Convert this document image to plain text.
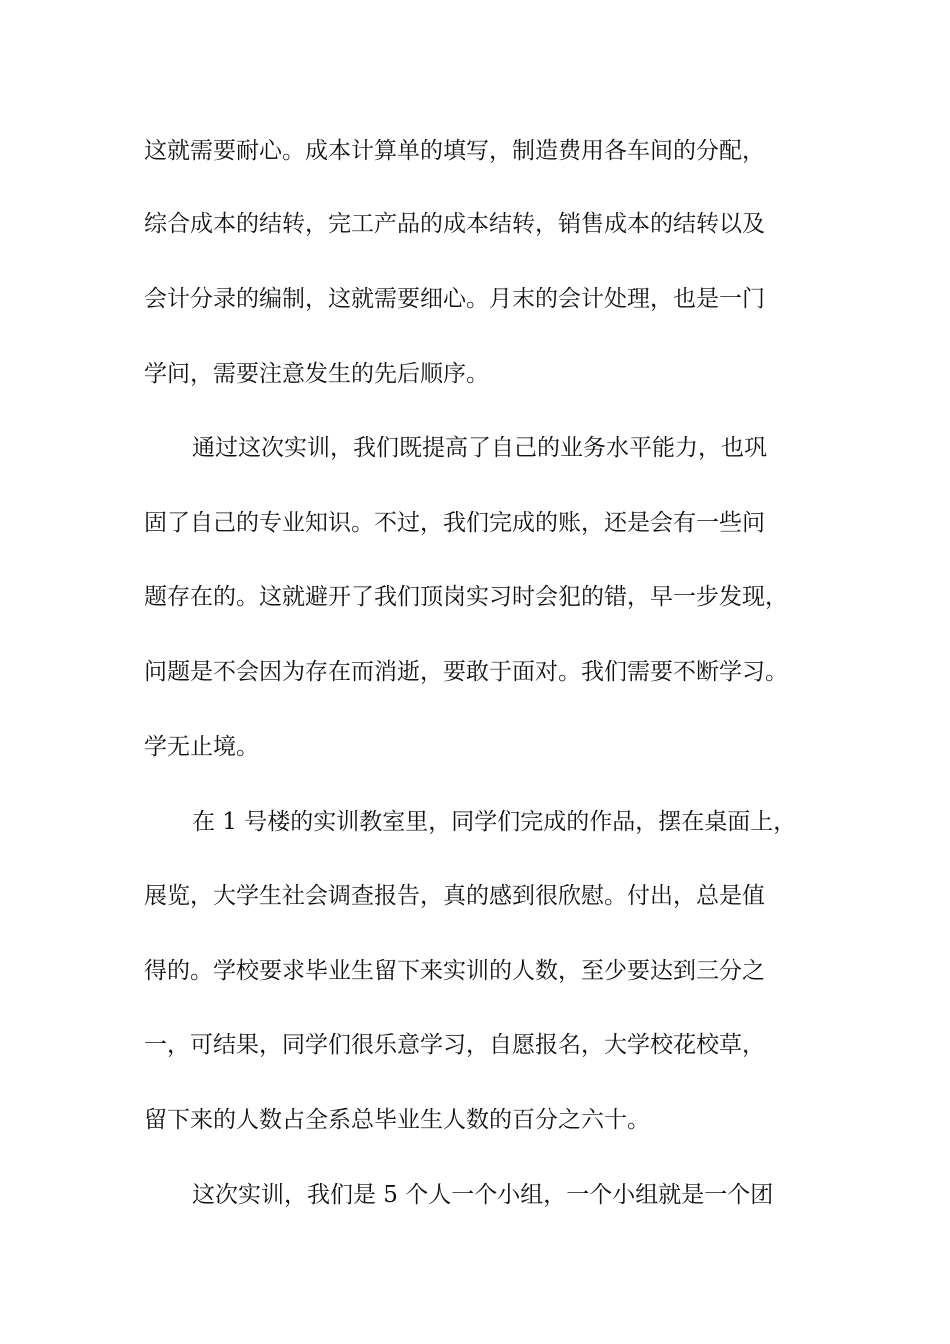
这就需要耐心。成本计算单的填写，制造费用各车间的分配，
综合成本的结转，完工产品的成本结转，销售成本的结转以及
会计分录的编制，这就需要细心。月末的会计处理，也是一门
学问，需要注意发生的先后顺序。
通过这次实训，我们既提高了自己的业务水平能力，也巩
固了自己的专业知识。不过，我们完成的账，还是会有一些问
题存在的。这就避开了我们顶岗实习时会犯的错，早一步发现，
问题是不会因为存在而消逝，要敢于面对。我们需要不断学习。
学无止境。
在 1 号楼的实训教室里，同学们完成的作品，摆在桌面上，
展览，大学生社会调查报告，真的感到很欣慰。付出，总是值
得的。学校要求毕业生留下来实训的人数，至少要达到三分之
一，可结果，同学们很乐意学习，自愿报名，大学校花校草，
留下来的人数占全系总毕业生人数的百分之六十。
这次实训，我们是 5 个人一个小组，一个小组就是一个团
